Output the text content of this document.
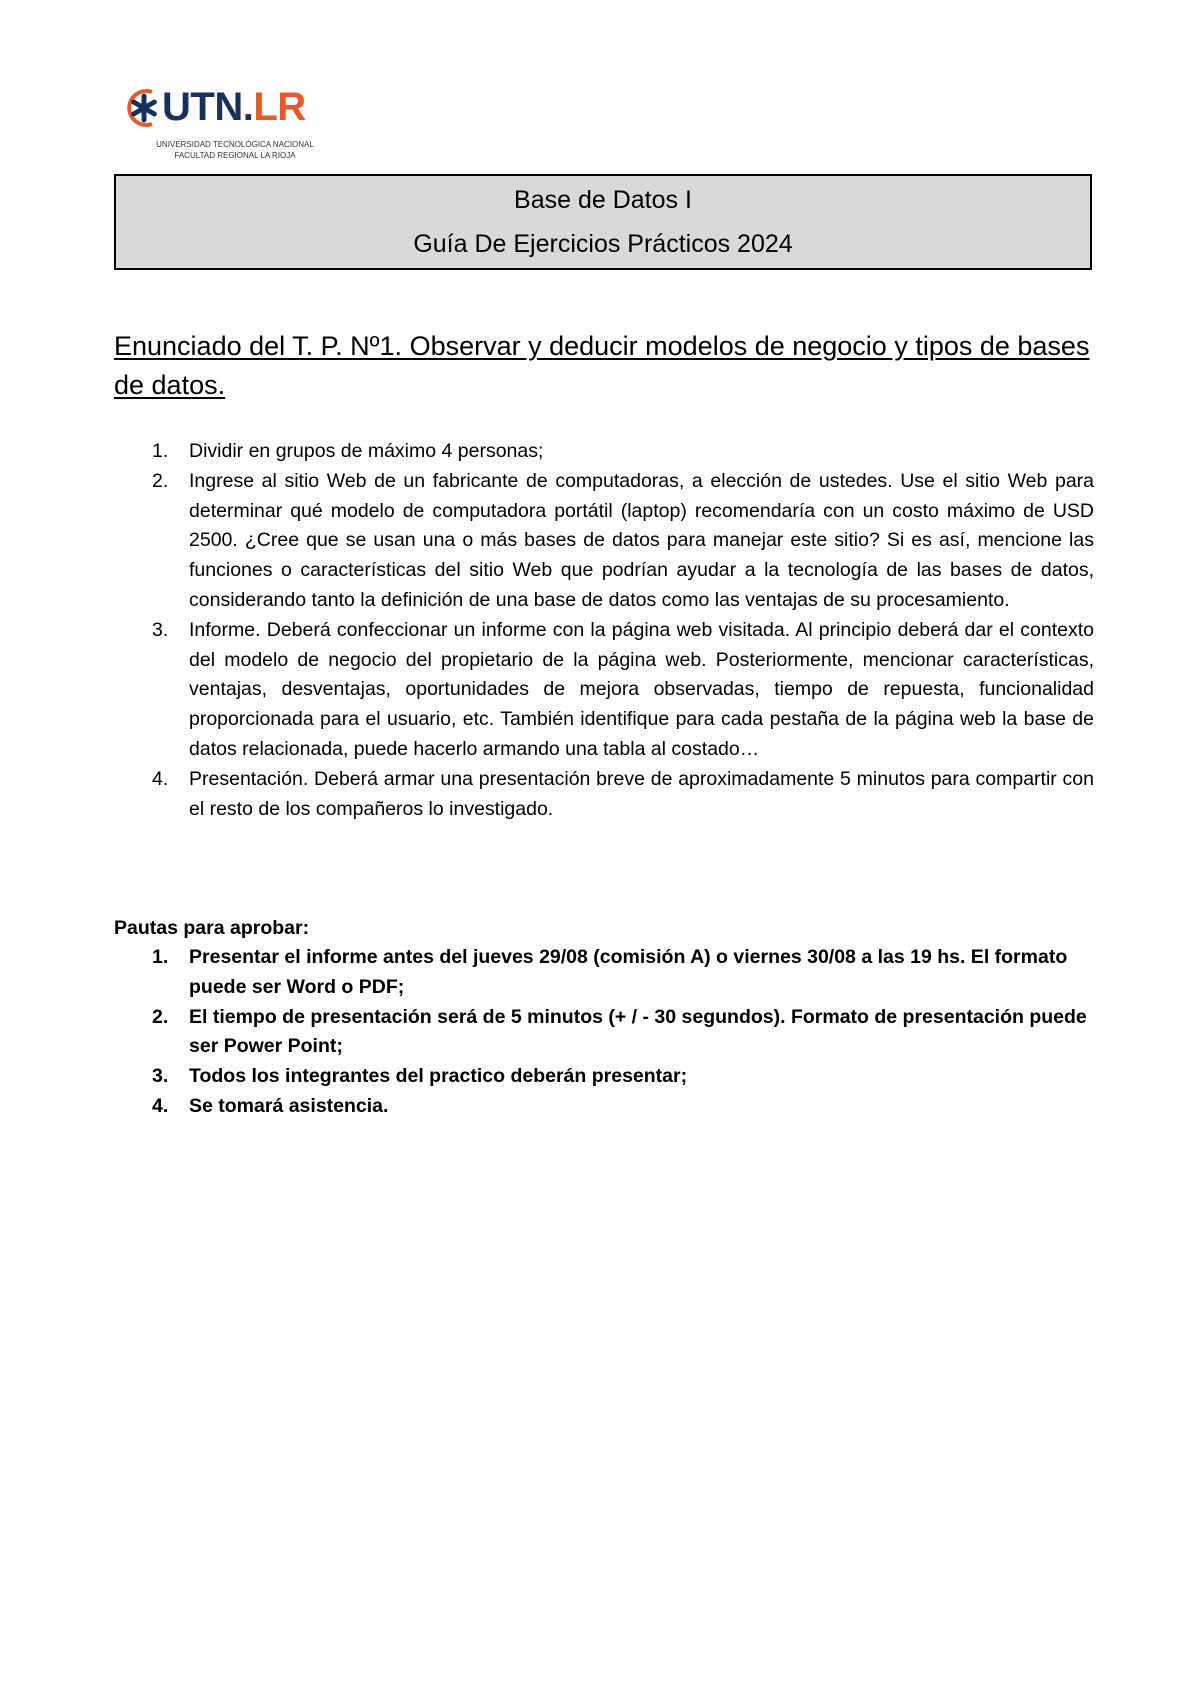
UTN.LR
UNIVERSIDAD TECNOLÓGICA NACIONAL
FACULTAD REGIONAL LA RIOJA
Base de Datos I
Guía De Ejercicios Prácticos 2024
Enunciado del T. P. Nº1. Observar y deducir modelos de negocio y tipos de bases de datos.
1. Dividir en grupos de máximo 4 personas;
2. Ingrese al sitio Web de un fabricante de computadoras, a elección de ustedes. Use el sitio Web para determinar qué modelo de computadora portátil (laptop) recomendaría con un costo máximo de USD 2500. ¿Cree que se usan una o más bases de datos para manejar este sitio? Si es así, mencione las funciones o características del sitio Web que podrían ayudar a la tecnología de las bases de datos, considerando tanto la definición de una base de datos como las ventajas de su procesamiento.
3. Informe. Deberá confeccionar un informe con la página web visitada. Al principio deberá dar el contexto del modelo de negocio del propietario de la página web. Posteriormente, mencionar características, ventajas, desventajas, oportunidades de mejora observadas, tiempo de repuesta, funcionalidad proporcionada para el usuario, etc. También identifique para cada pestaña de la página web la base de datos relacionada, puede hacerlo armando una tabla al costado…
4. Presentación. Deberá armar una presentación breve de aproximadamente 5 minutos para compartir con el resto de los compañeros lo investigado.
Pautas para aprobar:
1. Presentar el informe antes del jueves 29/08 (comisión A) o viernes 30/08 a las 19 hs. El formato puede ser Word o PDF;
2. El tiempo de presentación será de 5 minutos (+ / - 30 segundos). Formato de presentación puede ser Power Point;
3. Todos los integrantes del practico deberán presentar;
4. Se tomará asistencia.
